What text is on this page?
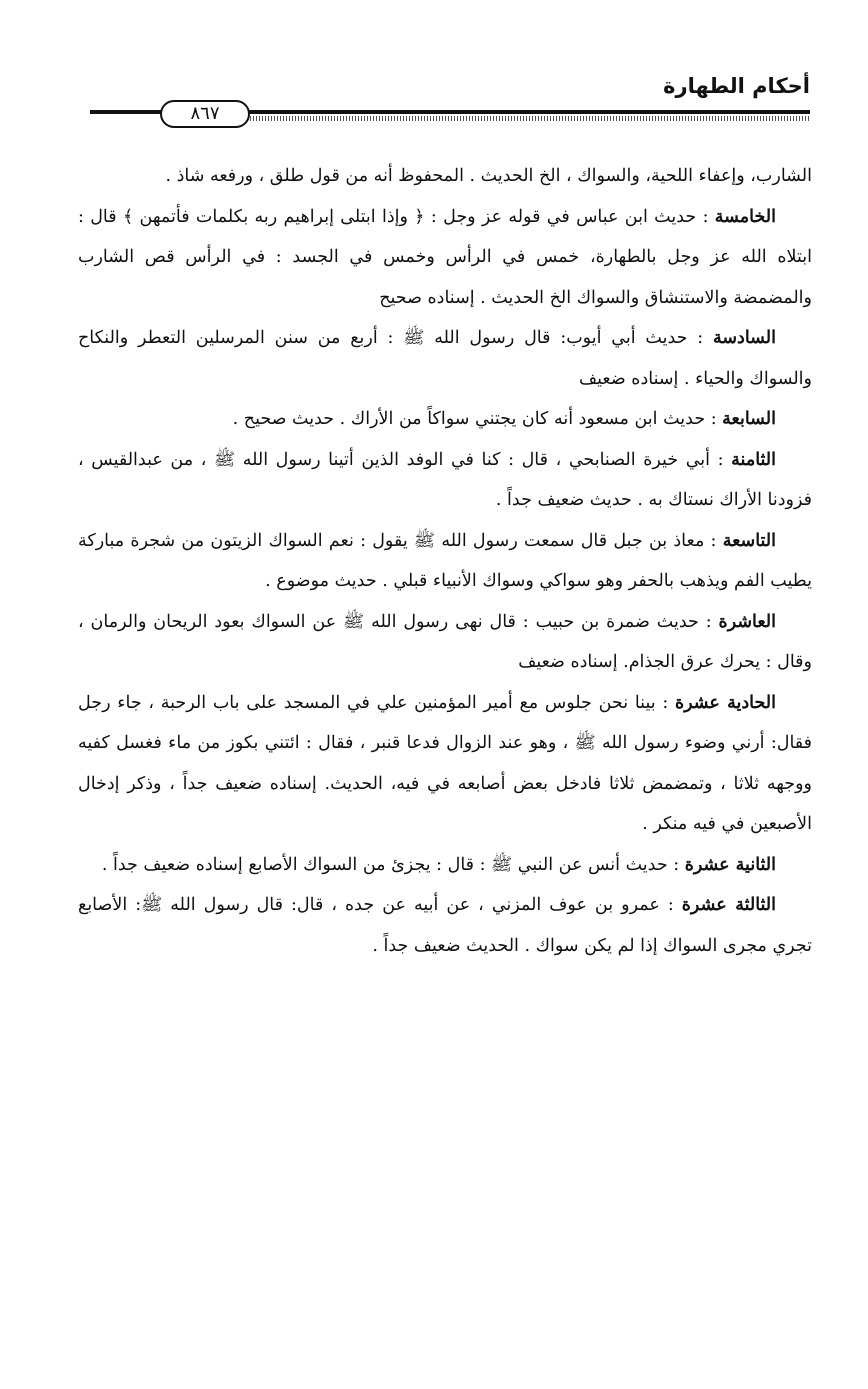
أحكام الطهارة
٨٦٧

الشارب، وإعفاء اللحية، والسواك ، الخ الحديث . المحفوظ أنه من قول طلق ، ورفعه شاذ .

الخامسة : حديث ابن عباس في قوله عز وجل : ﴿ وإذا ابتلى إبراهيم ربه بكلمات فأتمهن ﴾ قال : ابتلاه الله عز وجل بالطهارة، خمس في الرأس وخمس في الجسد : في الرأس قص الشارب والمضمضة والاستنشاق والسواك الخ الحديث . إسناده صحيح

السادسة : حديث أبي أيوب: قال رسول الله ﷺ : أربع من سنن المرسلين التعطر والنكاح والسواك والحياء . إسناده ضعيف

السابعة : حديث ابن مسعود أنه كان يجتني سواكاً من الأراك . حديث صحيح .

الثامنة : أبي خيرة الصنابحي ، قال : كنا في الوفد الذين أتينا رسول الله ﷺ ، من عبدالقيس ، فزودنا الأراك نستاك به . حديث ضعيف جداً .

التاسعة : معاذ بن جبل قال سمعت رسول الله ﷺ يقول : نعم السواك الزيتون من شجرة مباركة يطيب الفم ويذهب بالحفر وهو سواكي وسواك الأنبياء قبلي . حديث موضوع .

العاشرة : حديث ضمرة بن حبيب : قال نهى رسول الله ﷺ عن السواك بعود الريحان والرمان ، وقال : يحرك عرق الجذام. إسناده ضعيف

الحادية عشرة : بينا نحن جلوس مع أمير المؤمنين علي في المسجد على باب الرحبة ، جاء رجل فقال: أرني وضوء رسول الله ﷺ ، وهو عند الزوال فدعا قنبر ، فقال : ائتني بكوز من ماء فغسل كفيه ووجهه ثلاثا ، وتمضمض ثلاثا فادخل بعض أصابعه في فيه، الحديث. إسناده ضعيف جداً ، وذكر إدخال الأصبعين في فيه منكر .

الثانية عشرة : حديث أنس عن النبي ﷺ : قال : يجزئ من السواك الأصابع إسناده ضعيف جداً .

الثالثة عشرة : عمرو بن عوف المزني ، عن أبيه عن جده ، قال: قال رسول الله ﷺ: الأصابع تجري مجرى السواك إذا لم يكن سواك . الحديث ضعيف جداً .
